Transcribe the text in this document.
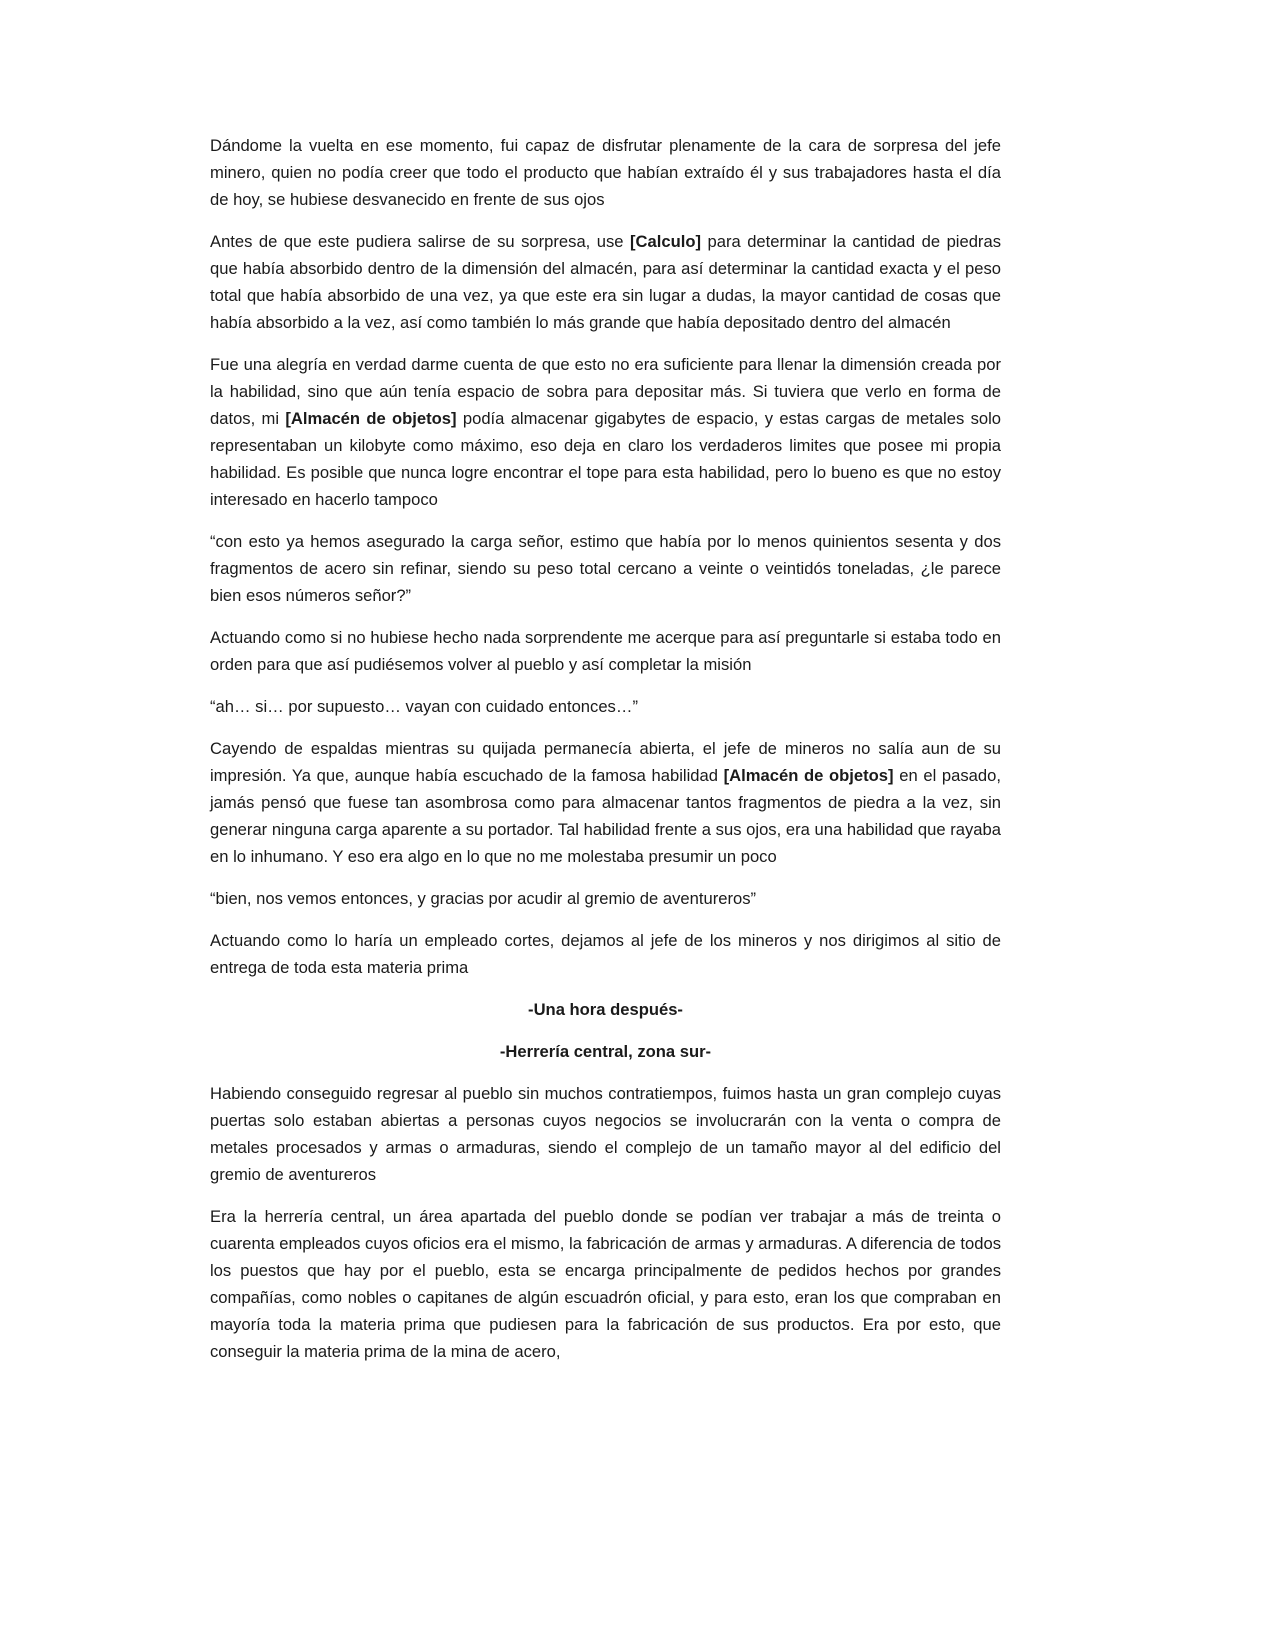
Dándome la vuelta en ese momento, fui capaz de disfrutar plenamente de la cara de sorpresa del jefe minero, quien no podía creer que todo el producto que habían extraído él y sus trabajadores hasta el día de hoy, se hubiese desvanecido en frente de sus ojos

Antes de que este pudiera salirse de su sorpresa, use [Calculo] para determinar la cantidad de piedras que había absorbido dentro de la dimensión del almacén, para así determinar la cantidad exacta y el peso total que había absorbido de una vez, ya que este era sin lugar a dudas, la mayor cantidad de cosas que había absorbido a la vez, así como también lo más grande que había depositado dentro del almacén

Fue una alegría en verdad darme cuenta de que esto no era suficiente para llenar la dimensión creada por la habilidad, sino que aún tenía espacio de sobra para depositar más. Si tuviera que verlo en forma de datos, mi [Almacén de objetos] podía almacenar gigabytes de espacio, y estas cargas de metales solo representaban un kilobyte como máximo, eso deja en claro los verdaderos limites que posee mi propia habilidad. Es posible que nunca logre encontrar el tope para esta habilidad, pero lo bueno es que no estoy interesado en hacerlo tampoco

“con esto ya hemos asegurado la carga señor, estimo que había por lo menos quinientos sesenta y dos fragmentos de acero sin refinar, siendo su peso total cercano a veinte o veintidós toneladas, ¿le parece bien esos números señor?”

Actuando como si no hubiese hecho nada sorprendente me acerque para así preguntarle si estaba todo en orden para que así pudiésemos volver al pueblo y así completar la misión

“ah… si… por supuesto… vayan con cuidado entonces…”

Cayendo de espaldas mientras su quijada permanecía abierta, el jefe de mineros no salía aun de su impresión. Ya que, aunque había escuchado de la famosa habilidad [Almacén de objetos] en el pasado, jamás pensó que fuese tan asombrosa como para almacenar tantos fragmentos de piedra a la vez, sin generar ninguna carga aparente a su portador. Tal habilidad frente a sus ojos, era una habilidad que rayaba en lo inhumano. Y eso era algo en lo que no me molestaba presumir un poco

“bien, nos vemos entonces, y gracias por acudir al gremio de aventureros”

Actuando como lo haría un empleado cortes, dejamos al jefe de los mineros y nos dirigimos al sitio de entrega de toda esta materia prima

-Una hora después-

-Herrería central, zona sur-

Habiendo conseguido regresar al pueblo sin muchos contratiempos, fuimos hasta un gran complejo cuyas puertas solo estaban abiertas a personas cuyos negocios se involucrarán con la venta o compra de metales procesados y armas o armaduras, siendo el complejo de un tamaño mayor al del edificio del gremio de aventureros

Era la herrería central, un área apartada del pueblo donde se podían ver trabajar a más de treinta o cuarenta empleados cuyos oficios era el mismo, la fabricación de armas y armaduras. A diferencia de todos los puestos que hay por el pueblo, esta se encarga principalmente de pedidos hechos por grandes compañías, como nobles o capitanes de algún escuadrón oficial, y para esto, eran los que compraban en mayoría toda la materia prima que pudiesen para la fabricación de sus productos. Era por esto, que conseguir la materia prima de la mina de acero,
